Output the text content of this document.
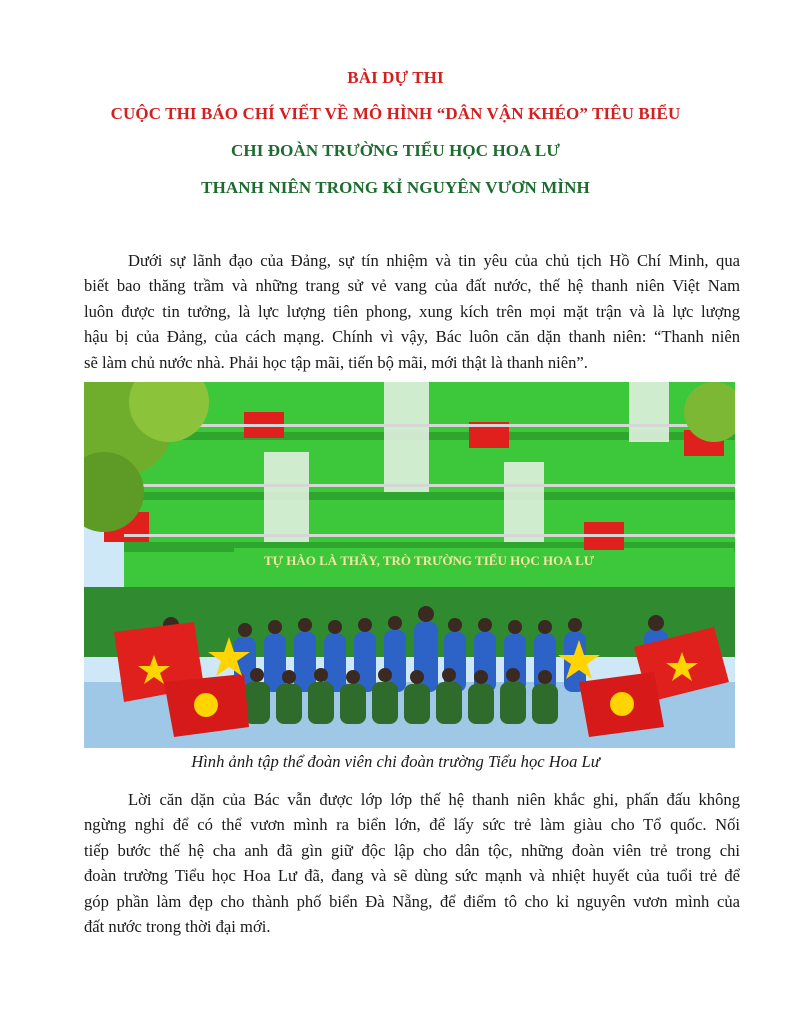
BÀI DỰ THI
CUỘC THI BÁO CHÍ VIẾT VỀ MÔ HÌNH “DÂN VẬN KHÉO” TIÊU BIỂU
CHI ĐOÀN TRƯỜNG TIỂU HỌC HOA LƯ
THANH NIÊN TRONG KỈ NGUYÊN VƯƠN MÌNH
Dưới sự lãnh đạo của Đảng, sự tín nhiệm và tin yêu của chủ tịch Hồ Chí Minh, qua
biết bao thăng trầm và những trang sử vẻ vang của đất nước, thế hệ thanh niên Việt Nam
luôn được tin tưởng, là lực lượng tiên phong, xung kích trên mọi mặt trận và là lực lượng
hậu bị của Đảng, của cách mạng. Chính vì vậy, Bác luôn căn dặn thanh niên: “Thanh niên
sẽ làm chủ nước nhà. Phải học tập mãi, tiến bộ mãi, mới thật là thanh niên”.
TỰ HÀO LÀ THẦY, TRÒ TRƯỜNG TIỂU HỌC HOA LƯ
Hình ảnh tập thể đoàn viên chi đoàn trường Tiểu học Hoa Lư
Lời căn dặn của Bác vẫn được lớp lớp thế hệ thanh niên khắc ghi, phấn đấu không
ngừng nghỉ để có thể vươn mình ra biển lớn, để lấy sức trẻ làm giàu cho Tổ quốc. Nối
tiếp bước thế hệ cha anh đã gìn giữ độc lập cho dân tộc, những đoàn viên trẻ trong chi
đoàn trường Tiểu học Hoa Lư đã, đang và sẽ dùng sức mạnh và nhiệt huyết của tuổi trẻ để
góp phần làm đẹp cho thành phố biển Đà Nẵng, để điểm tô cho kỉ nguyên vươn mình của
đất nước trong thời đại mới.
